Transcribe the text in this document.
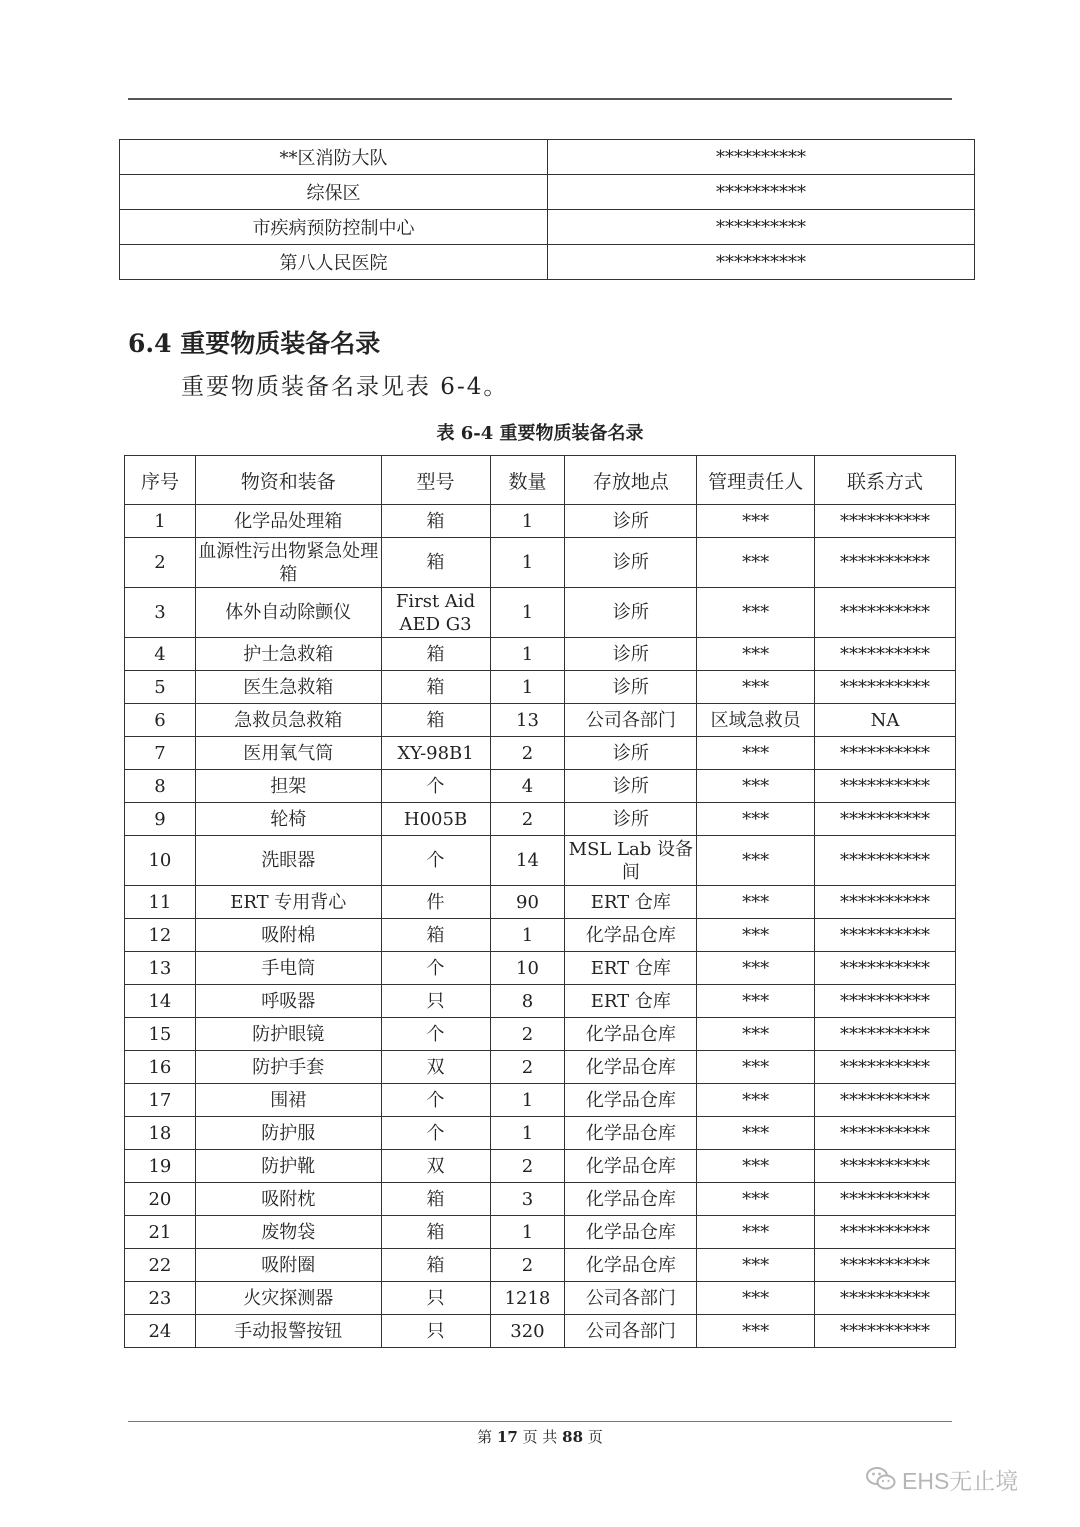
**区消防大队	**********
综保区	**********
市疾病预防控制中心	**********
第八人民医院	**********
6.4 重要物质装备名录

重要物质装备名录见表 6-4。

表 6-4 重要物质装备名录

序号	物资和装备	型号	数量	存放地点	管理责任人	联系方式
1	化学品处理箱	箱	1	诊所	***	**********
2	血源性污出物紧急处理箱	箱	1	诊所	***	**********
3	体外自动除颤仪	First Aid AED G3	1	诊所	***	**********
4	护士急救箱	箱	1	诊所	***	**********
5	医生急救箱	箱	1	诊所	***	**********
6	急救员急救箱	箱	13	公司各部门	区域急救员	NA
7	医用氧气筒	XY-98B1	2	诊所	***	**********
8	担架	个	4	诊所	***	**********
9	轮椅	H005B	2	诊所	***	**********
10	洗眼器	个	14	MSL Lab 设备间	***	**********
11	ERT 专用背心	件	90	ERT 仓库	***	**********
12	吸附棉	箱	1	化学品仓库	***	**********
13	手电筒	个	10	ERT 仓库	***	**********
14	呼吸器	只	8	ERT 仓库	***	**********
15	防护眼镜	个	2	化学品仓库	***	**********
16	防护手套	双	2	化学品仓库	***	**********
17	围裙	个	1	化学品仓库	***	**********
18	防护服	个	1	化学品仓库	***	**********
19	防护靴	双	2	化学品仓库	***	**********
20	吸附枕	箱	3	化学品仓库	***	**********
21	废物袋	箱	1	化学品仓库	***	**********
22	吸附圈	箱	2	化学品仓库	***	**********
23	火灾探测器	只	1218	公司各部门	***	**********
24	手动报警按钮	只	320	公司各部门	***	**********
第 17 页 共 88 页
EHS无止境
